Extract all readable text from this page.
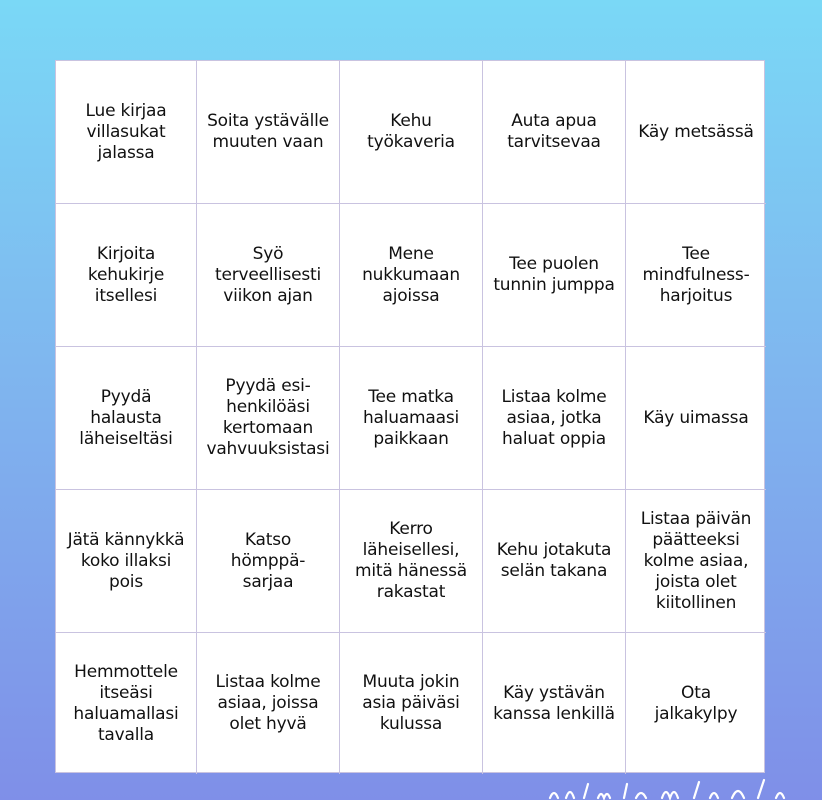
Lue kirjaa
villasukat
jalassa
Soita ystävälle
muuten vaan
Kehu
työkaveria
Auta apua
tarvitsevaa
Käy metsässä
Kirjoita
kehukirje
itsellesi
Syö
terveellisesti
viikon ajan
Mene
nukkumaan
ajoissa
Tee puolen
tunnin jumppa
Tee
mindfulness-
harjoitus
Pyydä
halausta
läheiseltäsi
Pyydä esi-
henkilöäsi
kertomaan
vahvuuksistasi
Tee matka
haluamaasi
paikkaan
Listaa kolme
asiaa, jotka
haluat oppia
Käy uimassa
Jätä kännykkä
koko illaksi
pois
Katso
hömppä-
sarjaa
Kerro
läheisellesi,
mitä hänessä
rakastat
Kehu jotakuta
selän takana
Listaa päivän
päätteeksi
kolme asiaa,
joista olet
kiitollinen
Hemmottele
itseäsi
haluamallasi
tavalla
Listaa kolme
asiaa, joissa
olet hyvä
Muuta jokin
asia päiväsi
kulussa
Käy ystävän
kanssa lenkillä
Ota
jalkakylpy
